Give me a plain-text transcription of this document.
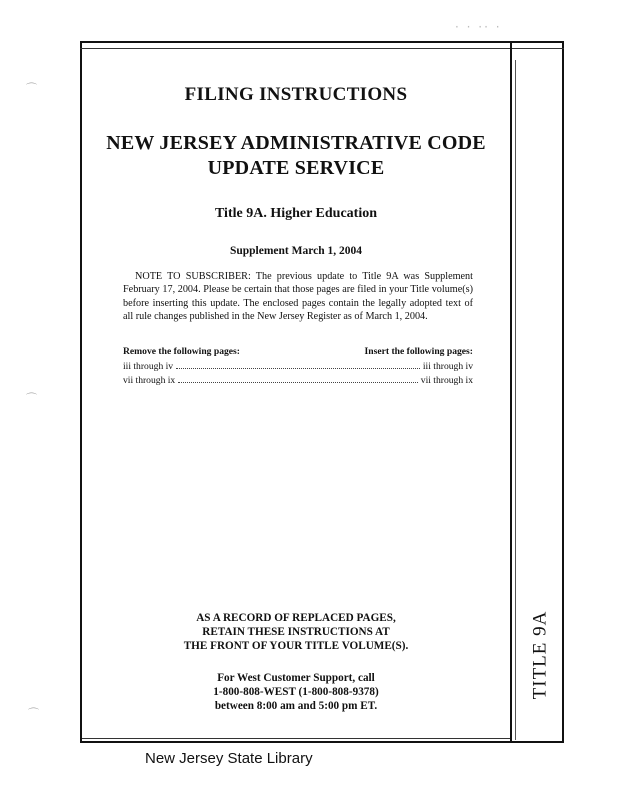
· · ·· ·
⌒
⌒
⌒
TITLE 9A
FILING INSTRUCTIONS
NEW JERSEY ADMINISTRATIVE CODE
UPDATE SERVICE
Title 9A. Higher Education
Supplement March 1, 2004
NOTE TO SUBSCRIBER: The previous update to Title 9A was Supplement February 17, 2004. Please be certain that those pages are filed in your Title volume(s) before inserting this update. The enclosed pages contain the legally adopted text of all rule changes published in the New Jersey Register as of March 1, 2004.
Remove the following pages:	Insert the following pages:
iii through iv	iii through iv
vii through ix	vii through ix
AS A RECORD OF REPLACED PAGES,
RETAIN THESE INSTRUCTIONS AT
THE FRONT OF YOUR TITLE VOLUME(S).
For West Customer Support, call
1-800-808-WEST (1-800-808-9378)
between 8:00 am and 5:00 pm ET.
New Jersey State Library
